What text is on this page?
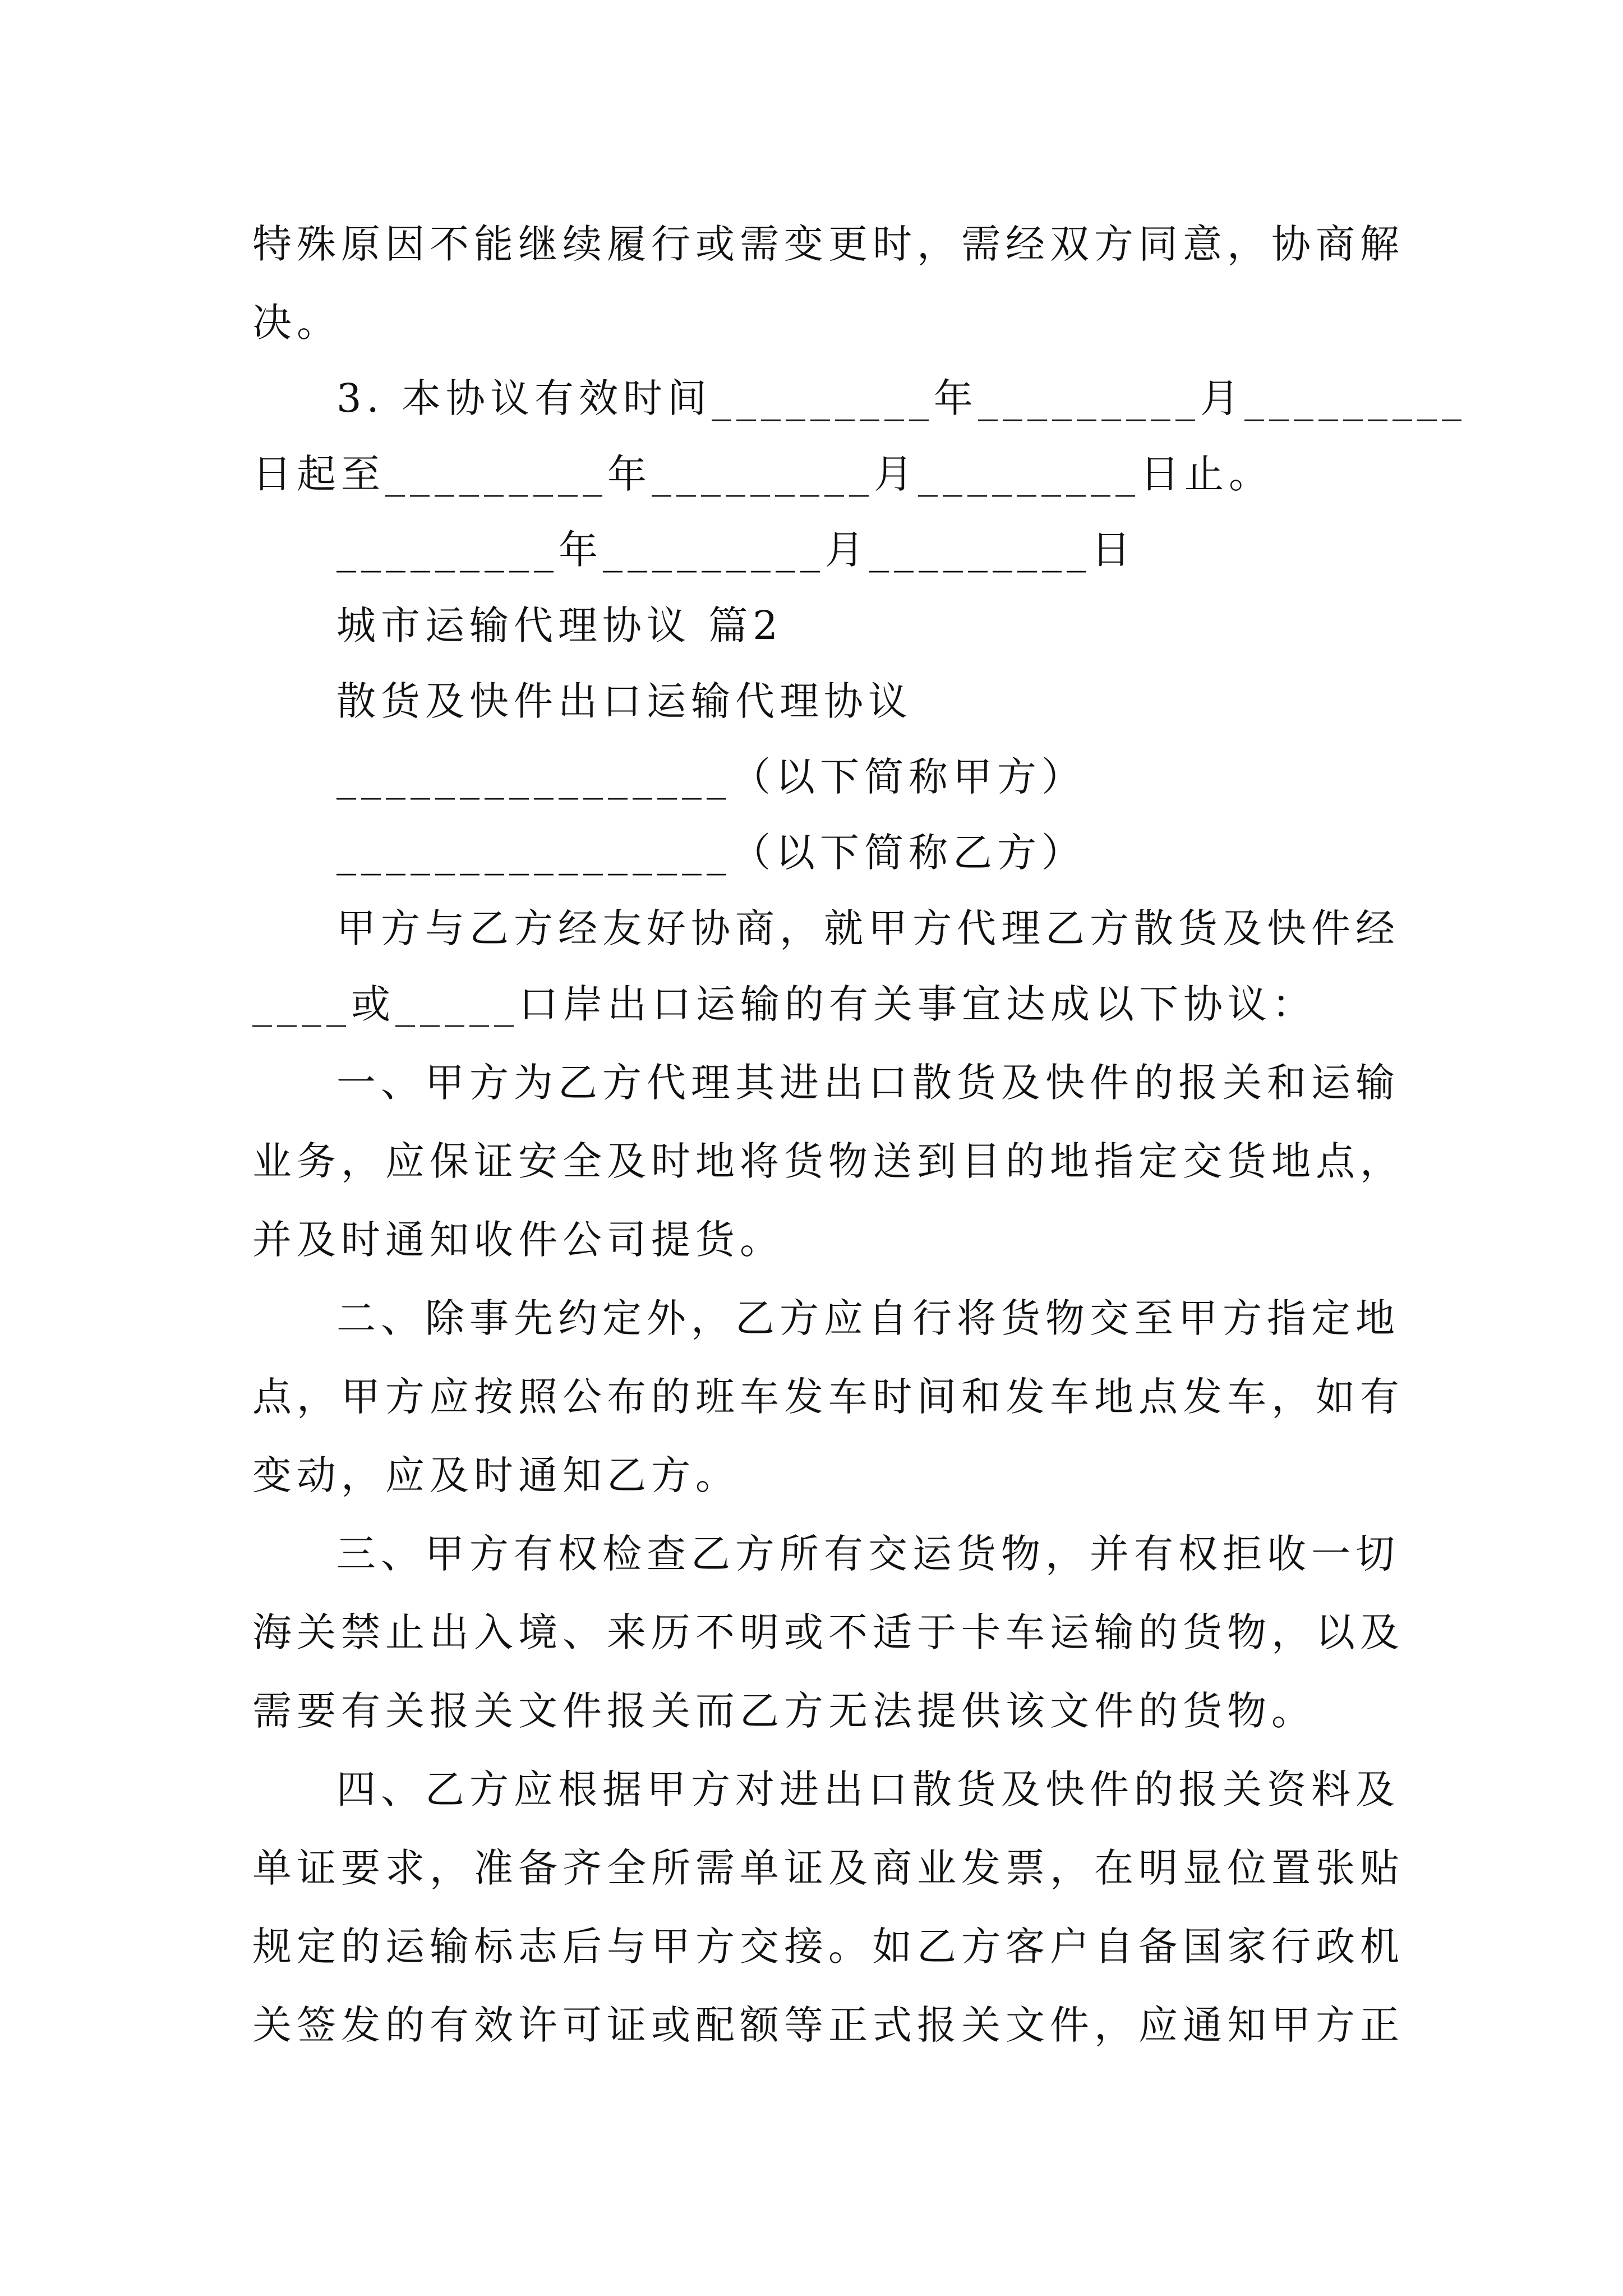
特殊原因不能继续履行或需变更时，需经双方同意，协商解
决。
3. 本协议有效时间_________年_________月_________
日起至_________年_________月_________日止。
_________年_________月_________日
城市运输代理协议 篇2
散货及快件出口运输代理协议
________________（以下简称甲方）
________________（以下简称乙方）
甲方与乙方经友好协商，就甲方代理乙方散货及快件经
____或_____口岸出口运输的有关事宜达成以下协议：
一、甲方为乙方代理其进出口散货及快件的报关和运输
业务，应保证安全及时地将货物送到目的地指定交货地点，
并及时通知收件公司提货。
二、除事先约定外，乙方应自行将货物交至甲方指定地
点，甲方应按照公布的班车发车时间和发车地点发车，如有
变动，应及时通知乙方。
三、甲方有权检查乙方所有交运货物，并有权拒收一切
海关禁止出入境、来历不明或不适于卡车运输的货物，以及
需要有关报关文件报关而乙方无法提供该文件的货物。
四、乙方应根据甲方对进出口散货及快件的报关资料及
单证要求，准备齐全所需单证及商业发票，在明显位置张贴
规定的运输标志后与甲方交接。如乙方客户自备国家行政机
关签发的有效许可证或配额等正式报关文件，应通知甲方正
